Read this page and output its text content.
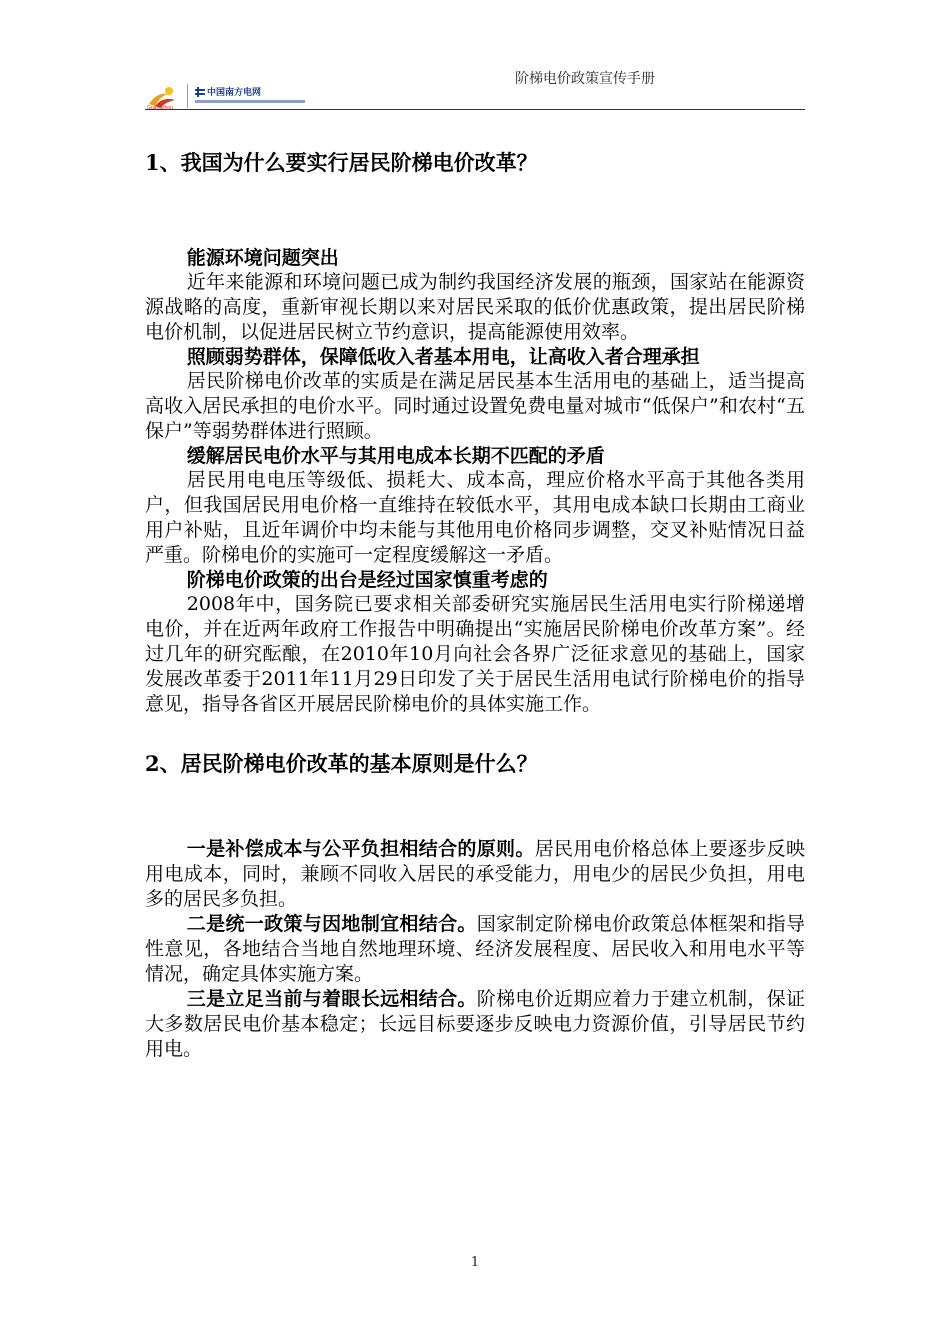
Guangzhou
中国南方电网
阶梯电价政策宣传手册
1、我国为什么要实行居民阶梯电价改革？

能源环境问题突出

近年来能源和环境问题已成为制约我国经济发展的瓶颈，国家站在能源资源战略的高度，重新审视长期以来对居民采取的低价优惠政策，提出居民阶梯电价机制，以促进居民树立节约意识，提高能源使用效率。

照顾弱势群体，保障低收入者基本用电，让高收入者合理承担

居民阶梯电价改革的实质是在满足居民基本生活用电的基础上，适当提高高收入居民承担的电价水平。同时通过设置免费电量对城市“低保户”和农村“五保户”等弱势群体进行照顾。

缓解居民电价水平与其用电成本长期不匹配的矛盾

居民用电电压等级低、损耗大、成本高，理应价格水平高于其他各类用户，但我国居民用电价格一直维持在较低水平，其用电成本缺口长期由工商业用户补贴，且近年调价中均未能与其他用电价格同步调整，交叉补贴情况日益严重。阶梯电价的实施可一定程度缓解这一矛盾。

阶梯电价政策的出台是经过国家慎重考虑的

2008年中，国务院已要求相关部委研究实施居民生活用电实行阶梯递增电价，并在近两年政府工作报告中明确提出“实施居民阶梯电价改革方案”。经过几年的研究酝酿，在2010年10月向社会各界广泛征求意见的基础上，国家发展改革委于2011年11月29日印发了关于居民生活用电试行阶梯电价的指导意见，指导各省区开展居民阶梯电价的具体实施工作。

2、居民阶梯电价改革的基本原则是什么？

一是补偿成本与公平负担相结合的原则。居民用电价格总体上要逐步反映用电成本，同时，兼顾不同收入居民的承受能力，用电少的居民少负担，用电多的居民多负担。

二是统一政策与因地制宜相结合。国家制定阶梯电价政策总体框架和指导性意见，各地结合当地自然地理环境、经济发展程度、居民收入和用电水平等情况，确定具体实施方案。

三是立足当前与着眼长远相结合。阶梯电价近期应着力于建立机制，保证大多数居民电价基本稳定；长远目标要逐步反映电力资源价值，引导居民节约用电。

1
